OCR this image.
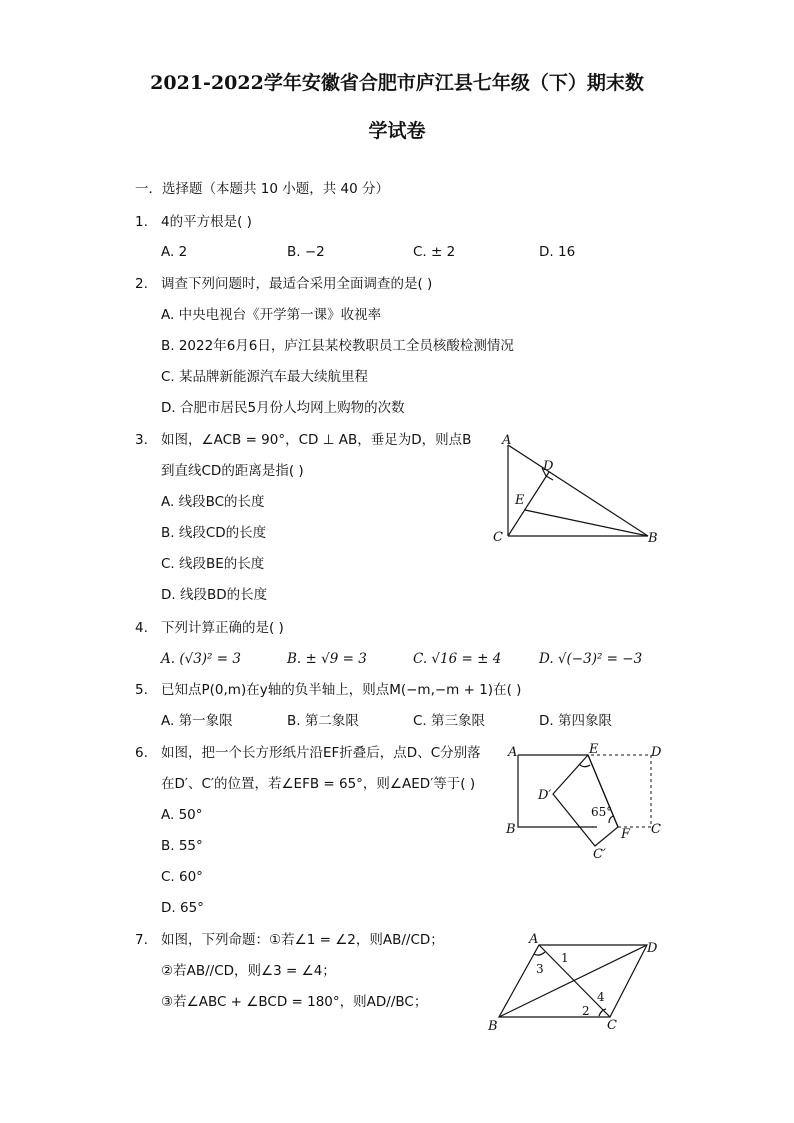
2021-2022学年安徽省合肥市庐江县七年级（下）期末数
学试卷
一．选择题（本题共 10 小题，共 40 分）
1. 4的平方根是( )
A. 2	B. −2	C. ± 2	D. 16
2. 调查下列问题时，最适合采用全面调查的是( )
A. 中央电视台《开学第一课》收视率
B. 2022年6月6日，庐江县某校教职员工全员核酸检测情况
C. 某品牌新能源汽车最大续航里程
D. 合肥市居民5月份人均网上购物的次数
3. 如图，∠ACB = 90°，CD ⊥ AB，垂足为D，则点B
到直线CD的距离是指( )
A. 线段BC的长度
B. 线段CD的长度
C. 线段BE的长度
D. 线段BD的长度
A
D
E
C	B
4. 下列计算正确的是( )
A. (√3)² = 3	B. ± √9 = 3	C. √16 = ± 4	D. √(−3)² = −3
5. 已知点P(0,m)在y轴的负半轴上，则点M(−m,−m + 1)在( )
A. 第一象限	B. 第二象限	C. 第三象限	D. 第四象限
6. 如图，把一个长方形纸片沿EF折叠后，点D、C分别落
在D′、C′的位置，若∠EFB = 65°，则∠AED′等于( )
A. 50°
B. 55°
C. 60°
D. 65°
A	E	D
D′
65°
B	F C
C′
7. 如图，下列命题：①若∠1 = ∠2，则AB//CD；
②若AB//CD，则∠3 = ∠4；
③若∠ABC + ∠BCD = 180°，则AD//BC；
A
1
D
3
4
2
B	C
